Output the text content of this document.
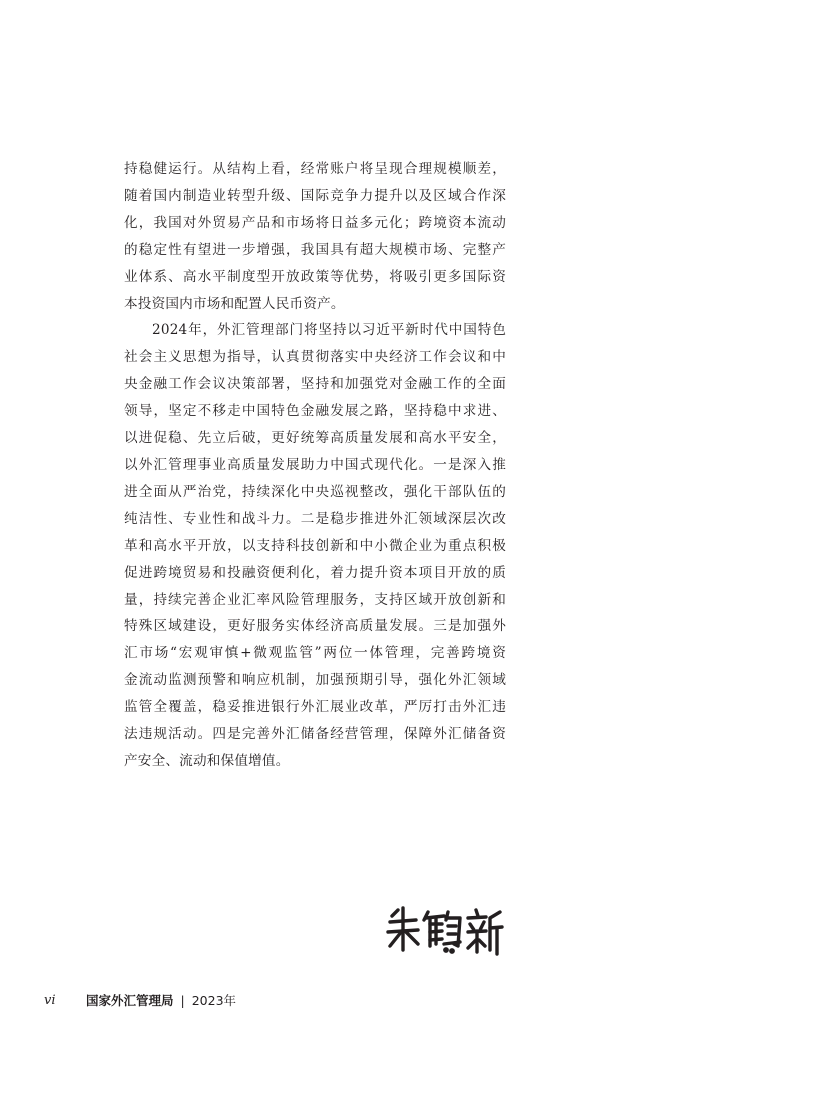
持稳健运行。从结构上看，经常账户将呈现合理规模顺差，
随着国内制造业转型升级、国际竞争力提升以及区域合作深
化，我国对外贸易产品和市场将日益多元化；跨境资本流动
的稳定性有望进一步增强，我国具有超大规模市场、完整产
业体系、高水平制度型开放政策等优势，将吸引更多国际资
本投资国内市场和配置人民币资产。
2024年，外汇管理部门将坚持以习近平新时代中国特色
社会主义思想为指导，认真贯彻落实中央经济工作会议和中
央金融工作会议决策部署，坚持和加强党对金融工作的全面
领导，坚定不移走中国特色金融发展之路，坚持稳中求进、
以进促稳、先立后破，更好统筹高质量发展和高水平安全，
以外汇管理事业高质量发展助力中国式现代化。一是深入推
进全面从严治党，持续深化中央巡视整改，强化干部队伍的
纯洁性、专业性和战斗力。二是稳步推进外汇领域深层次改
革和高水平开放，以支持科技创新和中小微企业为重点积极
促进跨境贸易和投融资便利化，着力提升资本项目开放的质
量，持续完善企业汇率风险管理服务，支持区域开放创新和
特殊区域建设，更好服务实体经济高质量发展。三是加强外
汇市场“宏观审慎+微观监管”两位一体管理，完善跨境资
金流动监测预警和响应机制，加强预期引导，强化外汇领域
监管全覆盖，稳妥推进银行外汇展业改革，严厉打击外汇违
法违规活动。四是完善外汇储备经营管理，保障外汇储备资
产安全、流动和保值增值。
vi	国家外汇管理局 | 2023年
